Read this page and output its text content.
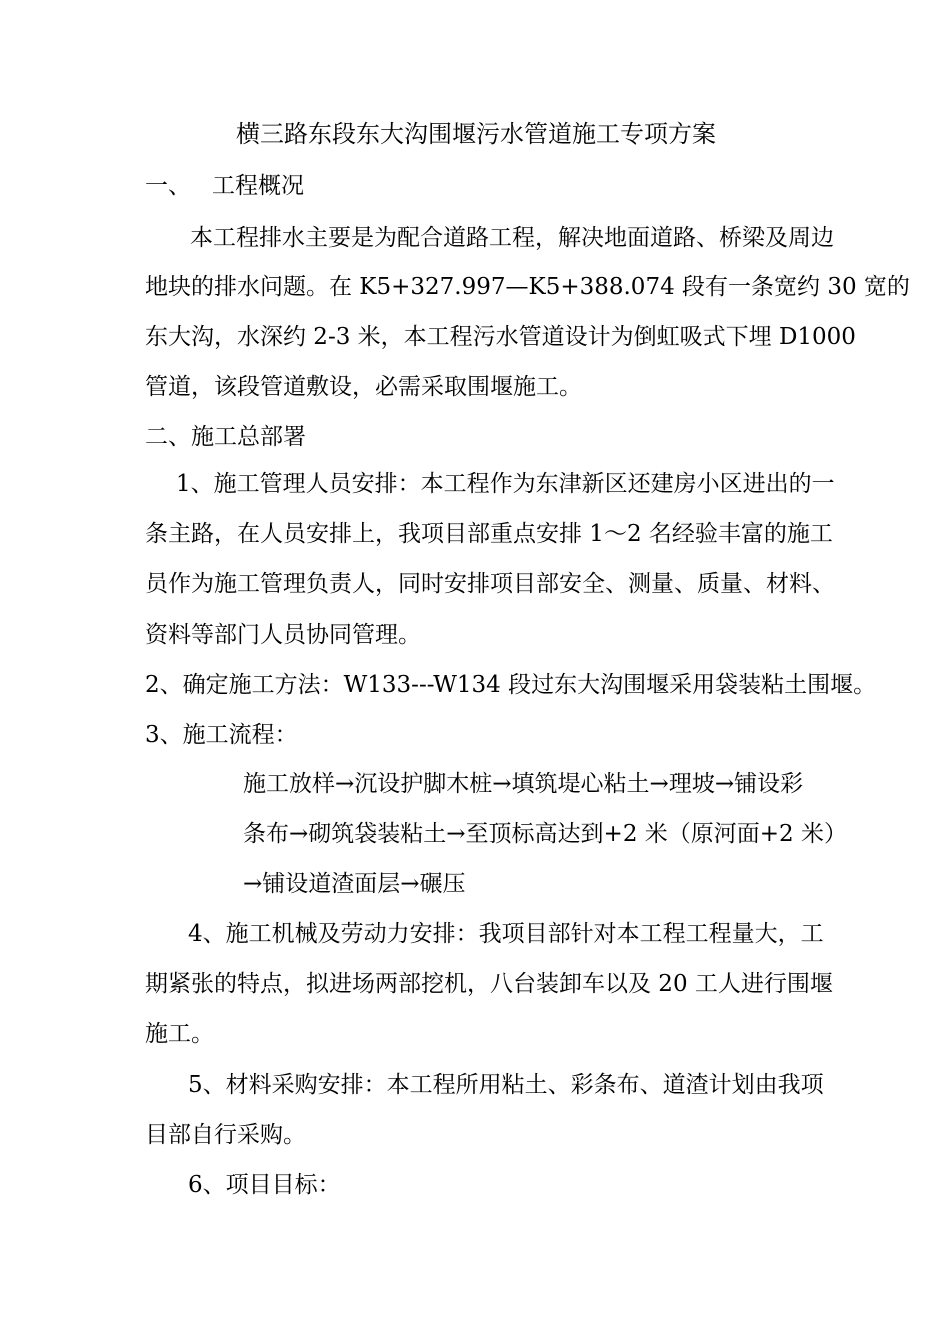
横三路东段东大沟围堰污水管道施工专项方案
一、 工程概况

本工程排水主要是为配合道路工程，解决地面道路、桥梁及周边

地块的排水问题。在 K5+327.997—K5+388.074 段有一条宽约 30 宽的

东大沟，水深约 2-3 米，本工程污水管道设计为倒虹吸式下埋 D1000

管道，该段管道敷设，必需采取围堰施工。

二、施工总部署

1、施工管理人员安排：本工程作为东津新区还建房小区进出的一

条主路，在人员安排上，我项目部重点安排 1～2 名经验丰富的施工

员作为施工管理负责人，同时安排项目部安全、测量、质量、材料、

资料等部门人员协同管理。

2、确定施工方法：W133---W134 段过东大沟围堰采用袋装粘土围堰。

3、施工流程：

施工放样→沉设护脚木桩→填筑堤心粘土→理坡→铺设彩

条布→砌筑袋装粘土→至顶标高达到+2 米（原河面+2 米）

→铺设道渣面层→碾压

4、施工机械及劳动力安排：我项目部针对本工程工程量大，工

期紧张的特点，拟进场两部挖机，八台装卸车以及 20 工人进行围堰

施工。

5、材料采购安排：本工程所用粘土、彩条布、道渣计划由我项

目部自行采购。

6、项目目标：
